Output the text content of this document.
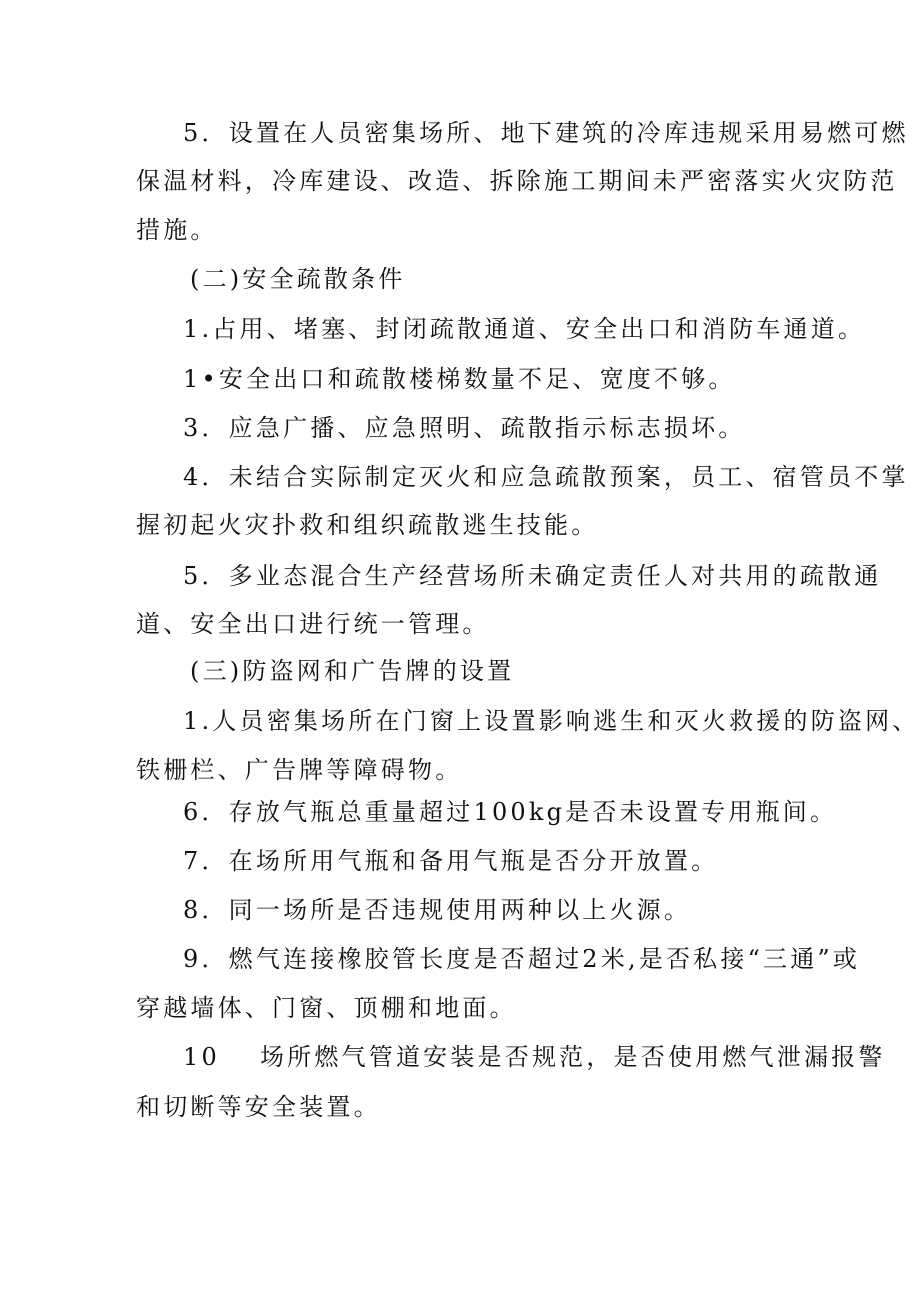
5．设置在人员密集场所、地下建筑的冷库违规采用易燃可燃
保温材料，冷库建设、改造、拆除施工期间未严密落实火灾防范
措施。
(二)安全疏散条件
1.占用、堵塞、封闭疏散通道、安全出口和消防车通道。
1•安全出口和疏散楼梯数量不足、宽度不够。
3．应急广播、应急照明、疏散指示标志损坏。
4．未结合实际制定灭火和应急疏散预案，员工、宿管员不掌
握初起火灾扑救和组织疏散逃生技能。
5．多业态混合生产经营场所未确定责任人对共用的疏散通
道、安全出口进行统一管理。
(三)防盗网和广告牌的设置
1.人员密集场所在门窗上设置影响逃生和灭火救援的防盗网、
铁栅栏、广告牌等障碍物。
6．存放气瓶总重量超过100kg是否未设置专用瓶间。
7．在场所用气瓶和备用气瓶是否分开放置。
8．同一场所是否违规使用两种以上火源。
9．燃气连接橡胶管长度是否超过2米,是否私接“三通”或
穿越墙体、门窗、顶棚和地面。
10 场所燃气管道安装是否规范，是否使用燃气泄漏报警
和切断等安全装置。
